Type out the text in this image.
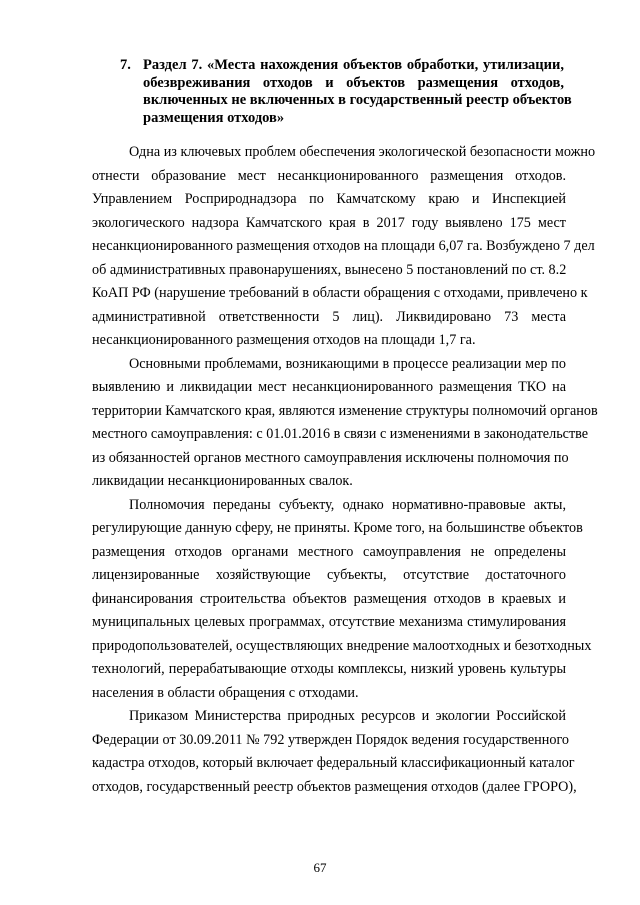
7. Раздел 7. «Места нахождения объектов обработки, утилизации,
обезвреживания отходов и объектов размещения отходов,
включенных не включенных в государственный реестр объектов
размещения отходов»
Одна из ключевых проблем обеспечения экологической безопасности можно
отнести образование мест несанкционированного размещения отходов.
Управлением Росприроднадзора по Камчатскому краю и Инспекцией
экологического надзора Камчатского края в 2017 году выявлено 175 мест
несанкционированного размещения отходов на площади 6,07 га. Возбуждено 7 дел
об административных правонарушениях, вынесено 5 постановлений по ст. 8.2
КоАП РФ (нарушение требований в области обращения с отходами, привлечено к
административной ответственности 5 лиц). Ликвидировано 73 места
несанкционированного размещения отходов на площади 1,7 га.
Основными проблемами, возникающими в процессе реализации мер по
выявлению и ликвидации мест несанкционированного размещения ТКО на
территории Камчатского края, являются изменение структуры полномочий органов
местного самоуправления: с 01.01.2016 в связи с изменениями в законодательстве
из обязанностей органов местного самоуправления исключены полномочия по
ликвидации несанкционированных свалок.
Полномочия переданы субъекту, однако нормативно-правовые акты,
регулирующие данную сферу, не приняты. Кроме того, на большинстве объектов
размещения отходов органами местного самоуправления не определены
лицензированные хозяйствующие субъекты, отсутствие достаточного
финансирования строительства объектов размещения отходов в краевых и
муниципальных целевых программах, отсутствие механизма стимулирования
природопользователей, осуществляющих внедрение малоотходных и безотходных
технологий, перерабатывающие отходы комплексы, низкий уровень культуры
населения в области обращения с отходами.
Приказом Министерства природных ресурсов и экологии Российской
Федерации от 30.09.2011 № 792 утвержден Порядок ведения государственного
кадастра отходов, который включает федеральный классификационный каталог
отходов, государственный реестр объектов размещения отходов (далее ГРОРО),
67
